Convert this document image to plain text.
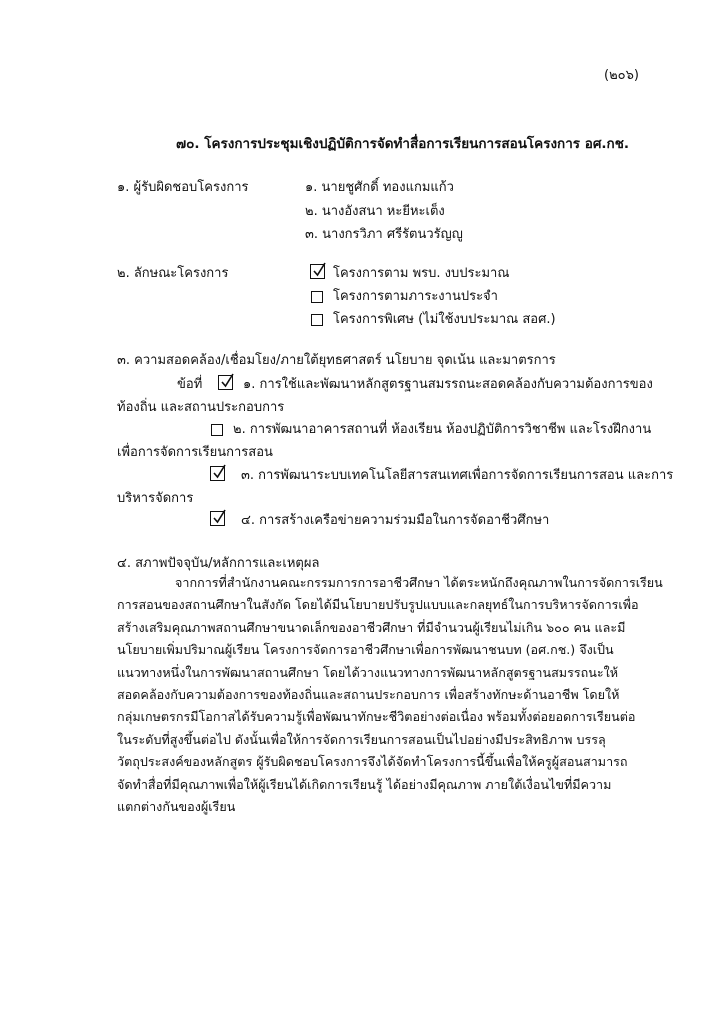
(๒๐๖)
๗๐. โครงการประชุมเชิงปฏิบัติการจัดทำสื่อการเรียนการสอนโครงการ อศ.กช.
๑. ผู้รับผิดชอบโครงการ	๑. นายชูศักดิ์ ทองแกมแก้ว
๒. นางอังสนา หะยีหะเต็ง
๓. นางกรวิภา ศรีรัตนวรัญญู
๒. ลักษณะโครงการ	โครงการตาม พรบ. งบประมาณ
โครงการตามภาระงานประจำ
โครงการพิเศษ (ไม่ใช้งบประมาณ สอศ.)
๓. ความสอดคล้อง/เชื่อมโยง/ภายใต้ยุทธศาสตร์ นโยบาย จุดเน้น และมาตรการ
ข้อที่	๑. การใช้และพัฒนาหลักสูตรฐานสมรรถนะสอดคล้องกับความต้องการของ
ท้องถิ่น และสถานประกอบการ
๒. การพัฒนาอาคารสถานที่ ห้องเรียน ห้องปฏิบัติการวิชาชีพ และโรงฝึกงาน
เพื่อการจัดการเรียนการสอน
๓. การพัฒนาระบบเทคโนโลยีสารสนเทศเพื่อการจัดการเรียนการสอน และการ
บริหารจัดการ
๔. การสร้างเครือข่ายความร่วมมือในการจัดอาชีวศึกษา
๔. สภาพปัจจุบัน/หลักการและเหตุผล
จากการที่สำนักงานคณะกรรมการการอาชีวศึกษา ได้ตระหนักถึงคุณภาพในการจัดการเรียน
การสอนของสถานศึกษาในสังกัด โดยได้มีนโยบายปรับรูปแบบและกลยุทธ์ในการบริหารจัดการเพื่อ
สร้างเสริมคุณภาพสถานศึกษาขนาดเล็กของอาชีวศึกษา ที่มีจำนวนผู้เรียนไม่เกิน ๖๐๐ คน และมี
นโยบายเพิ่มปริมาณผู้เรียน โครงการจัดการอาชีวศึกษาเพื่อการพัฒนาชนบท (อศ.กช.) จึงเป็น
แนวทางหนึ่งในการพัฒนาสถานศึกษา โดยได้วางแนวทางการพัฒนาหลักสูตรฐานสมรรถนะให้
สอดคล้องกับความต้องการของท้องถิ่นและสถานประกอบการ เพื่อสร้างทักษะด้านอาชีพ โดยให้
กลุ่มเกษตรกรมีโอกาสได้รับความรู้เพื่อพัฒนาทักษะชีวิตอย่างต่อเนื่อง พร้อมทั้งต่อยอดการเรียนต่อ
ในระดับที่สูงขึ้นต่อไป ดังนั้นเพื่อให้การจัดการเรียนการสอนเป็นไปอย่างมีประสิทธิภาพ บรรลุ
วัตถุประสงค์ของหลักสูตร ผู้รับผิดชอบโครงการจึงได้จัดทำโครงการนี้ขึ้นเพื่อให้ครูผู้สอนสามารถ
จัดทำสื่อที่มีคุณภาพเพื่อให้ผู้เรียนได้เกิดการเรียนรู้ ได้อย่างมีคุณภาพ ภายใต้เงื่อนไขที่มีความ
แตกต่างกันของผู้เรียน
